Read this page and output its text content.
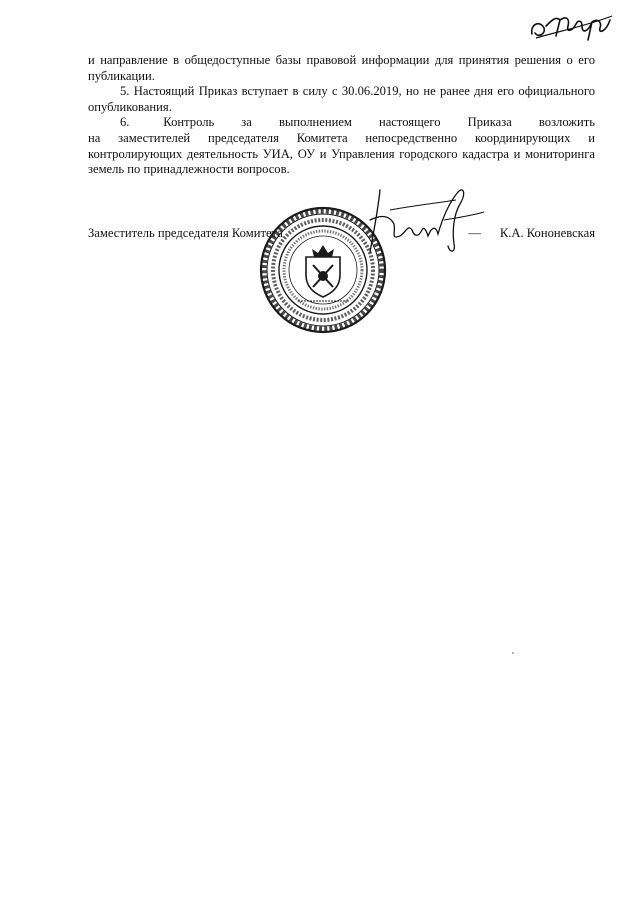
и направление в общедоступные базы правовой информации для принятия решения о его публикации.

5. Настоящий Приказ вступает в силу с 30.06.2019, но не ранее дня его официального опубликования.

6.     Контроль    за    выполнением    настоящего    Приказа    возложить

на заместителей председателя Комитета непосредственно координирующих и контролирующих деятельность УИА, ОУ и Управления городского кадастра и мониторинга земель по принадлежности вопросов.

Заместитель председателя Комитета	— К.А. Кононевская
